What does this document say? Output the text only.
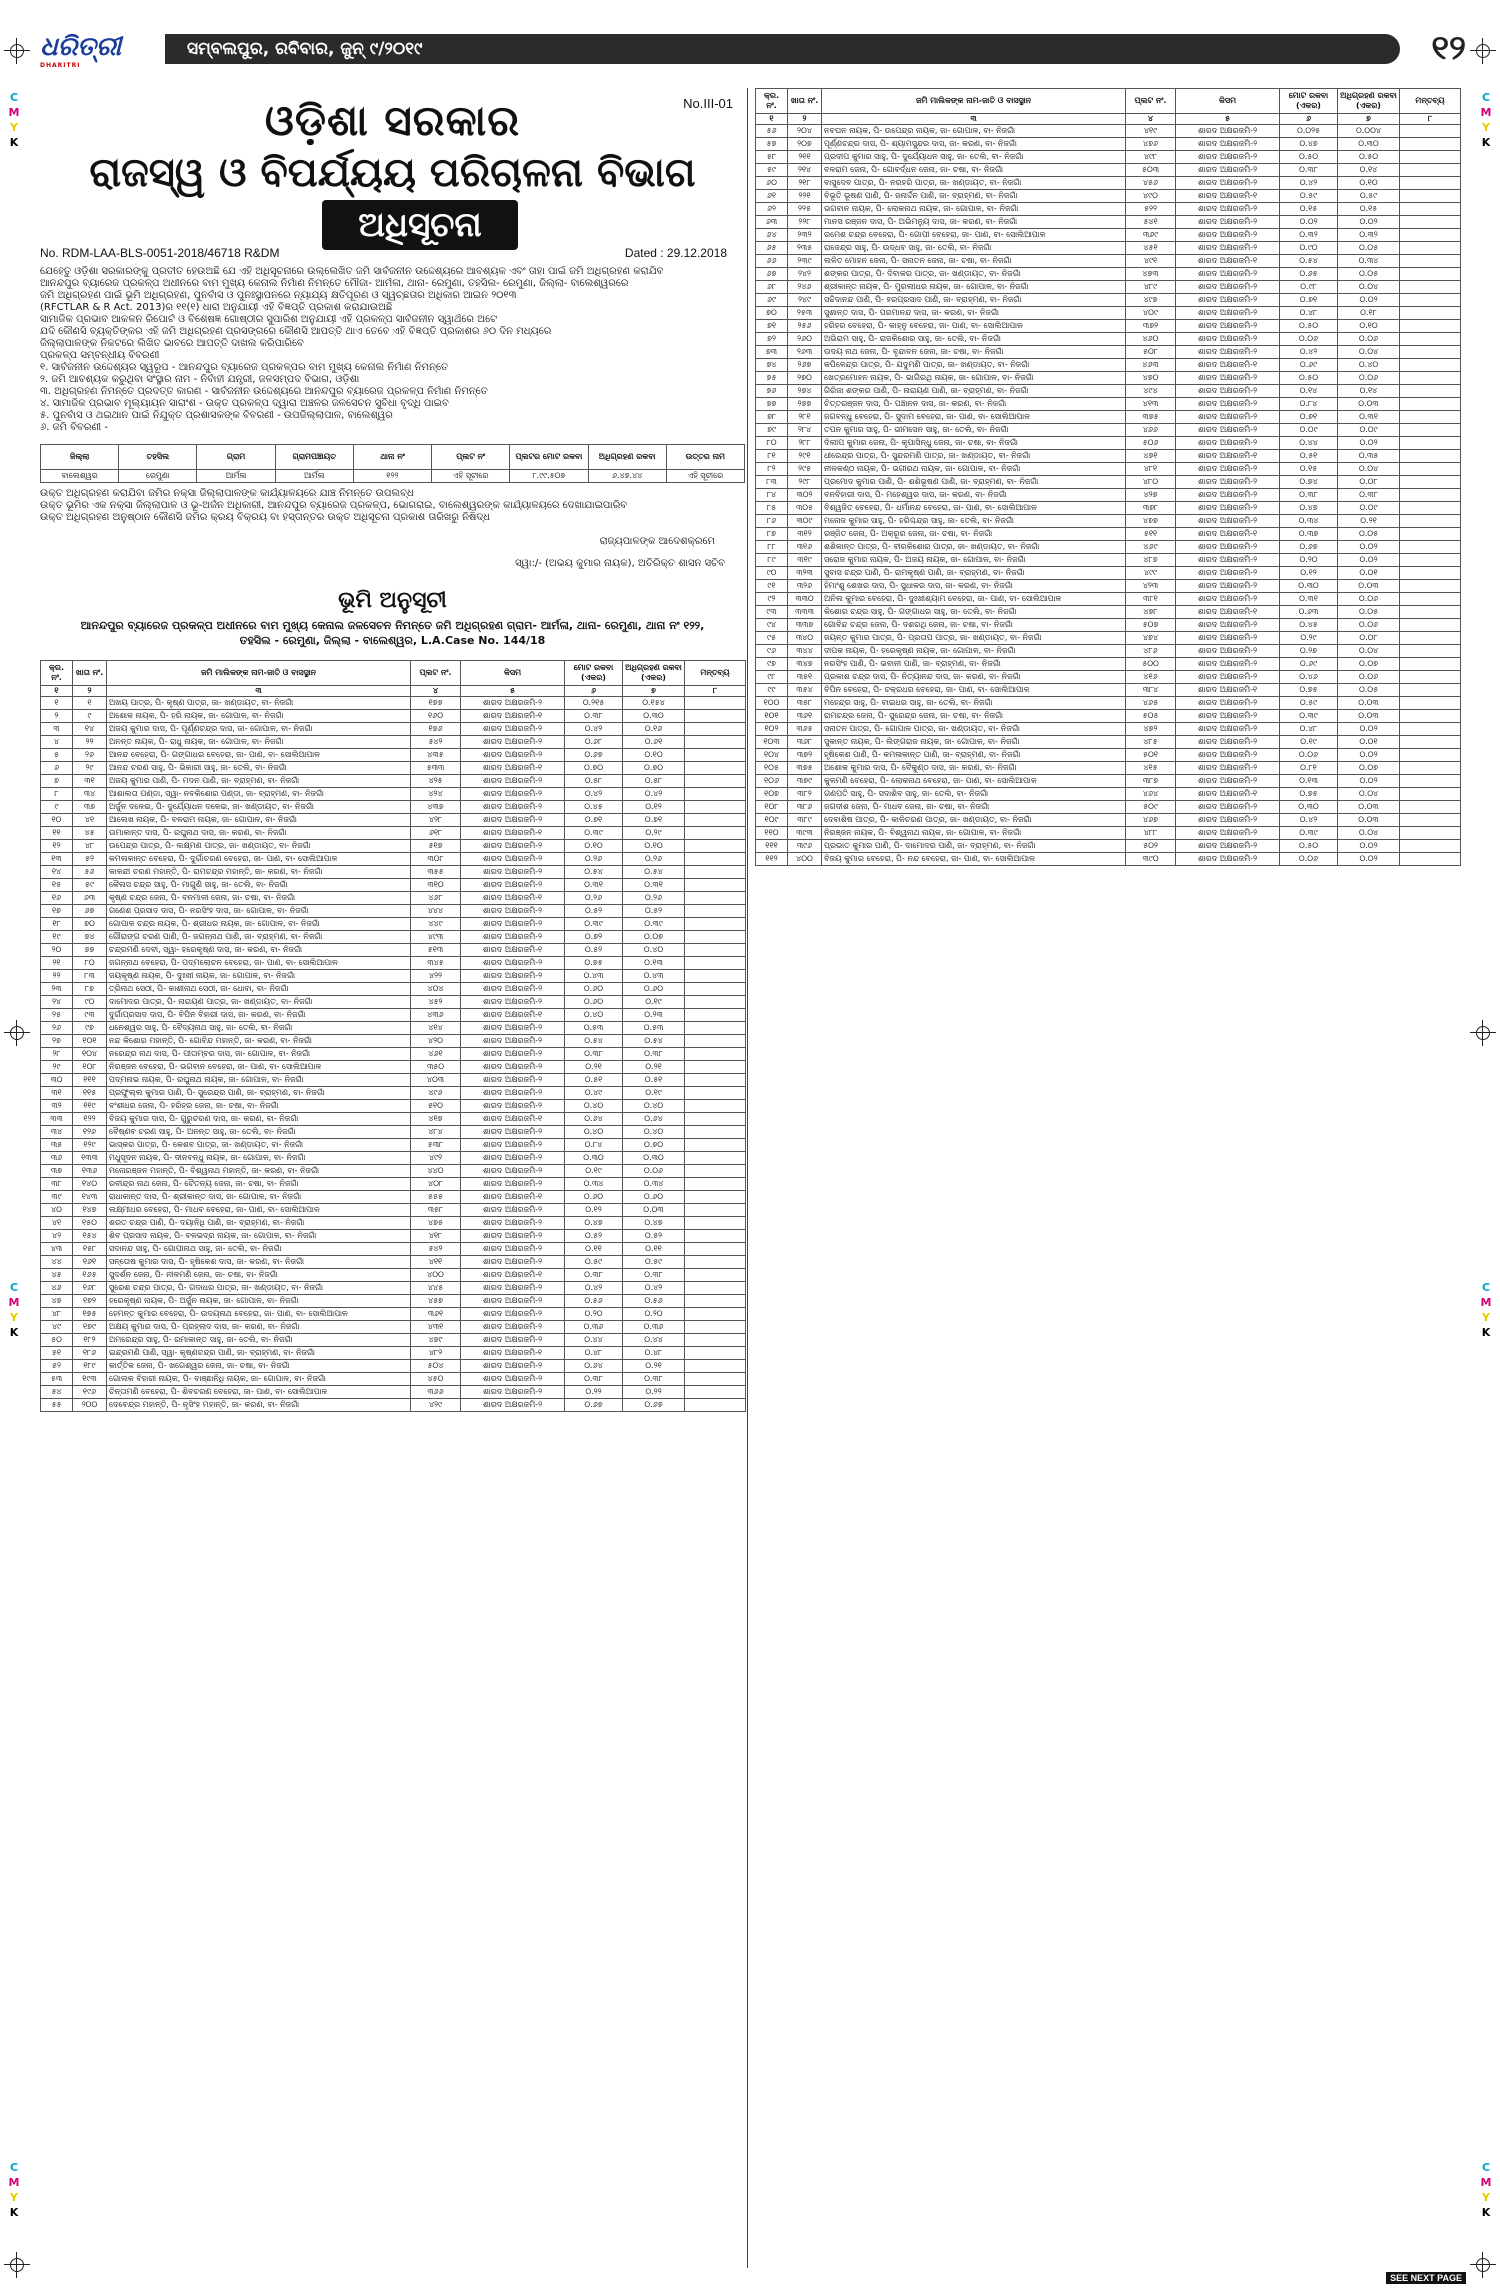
C
M
Y
K
C
M
Y
K
C
M
Y
K
C
M
Y
K
C
M
Y
K
C
M
Y
K
ଧରିତ୍ରୀ
DHARITRI
ସମ୍ବଲପୁର, ରବିବାର, ଜୁନ୍ ୯/୨୦୧୯	୧୨
ଓଡ଼ିଶା ସରକାର	No.III-01
ରାଜସ୍ୱ ଓ ବିପର୍ଯ୍ୟୟ ପରିଚାଳନା ବିଭାଗ
ଅଧିସୂଚନା
No. RDM-LAA-BLS-0051-2018/46718 R&DM	Dated : 29.12.2018
ଯେହେତୁ ଓଡ଼ିଶା ସରକାରଙ୍କୁ ପ୍ରତୀତ ହେଉଅଛି ଯେ ଏହି ଅଧିସୂଚନାରେ ଉଲ୍ଲେଖିତ ଜମି ସାର୍ବଜନୀନ ଉଦ୍ଦେଶ୍ୟରେ ଆବଶ୍ୟକ ଏବଂ ତାହା ପାଇଁ ଜମି ଅଧିଗ୍ରହଣ କରାଯିବ
ଆନନ୍ଦପୁର ବ୍ୟାରେଜ ପ୍ରକଳ୍ପ ଅଧୀନରେ ବାମ ମୁଖ୍ୟ କେନାଲ ନିର୍ମାଣ ନିମନ୍ତେ ମୌଜା- ଆର୍ମଳା, ଥାନା- ରେମୁଣା, ତହସିଲ- ରେମୁଣା, ଜିଲ୍ଲା- ବାଲେଶ୍ୱରରେ
ଜମି ଅଧିଗ୍ରହଣ ପାଇଁ ଭୂମି ଅଧିଗ୍ରହଣ, ପୁନର୍ବାସ ଓ ପୁନଃସ୍ଥାପନରେ ନ୍ୟାଯ୍ୟ କ୍ଷତିପୂରଣ ଓ ସ୍ୱଚ୍ଛତାର ଅଧିକାର ଆଇନ ୨୦୧୩
(RFCTLAR & R Act. 2013)ର ୧୧(୧) ଧାରା ଅନୁଯାୟୀ ଏହି ବିଜ୍ଞପ୍ତି ପ୍ରକାଶ କରାଯାଉଅଛି
ସାମାଜିକ ପ୍ରଭାବ ଆକଳନ ରିପୋର୍ଟ ଓ ବିଶେଷଜ୍ଞ ଗୋଷ୍ଠୀର ସୁପାରିଶ ଅନୁଯାୟୀ ଏହି ପ୍ରକଳ୍ପ ସାର୍ବଜନୀନ ସ୍ୱାର୍ଥରେ ଅଟେ
ଯଦି କୌଣସି ବ୍ୟକ୍ତିଙ୍କର ଏହି ଜମି ଅଧିଗ୍ରହଣ ପ୍ରସଙ୍ଗରେ କୌଣସି ଆପତ୍ତି ଥାଏ ତେବେ ଏହି ବିଜ୍ଞପ୍ତି ପ୍ରକାଶର ୬୦ ଦିନ ମଧ୍ୟରେ
ଜିଲ୍ଲାପାଳଙ୍କ ନିକଟରେ ଲିଖିତ ଭାବରେ ଆପତ୍ତି ଦାଖଲ କରିପାରିବେ
ପ୍ରକଳ୍ପ ସମ୍ବନ୍ଧୀୟ ବିବରଣୀ
୧. ସାର୍ବଜନୀନ ଉଦ୍ଦେଶ୍ୟର ସ୍ୱରୂପ - ଆନନ୍ଦପୁର ବ୍ୟାରେଜ ପ୍ରକଳ୍ପର ବାମ ମୁଖ୍ୟ କେନାଲ ନିର୍ମାଣ ନିମନ୍ତେ
୨. ଜମି ଆବଶ୍ୟକ କରୁଥିବା ସଂସ୍ଥାର ନାମ - ନିର୍ବାହୀ ଯନ୍ତ୍ରୀ, ଜଳସମ୍ପଦ ବିଭାଗ, ଓଡ଼ିଶା
୩. ଅଧିଗ୍ରହଣ ନିମନ୍ତେ ପ୍ରଦତ୍ତ କାରଣ - ସାର୍ବଜନୀନ ଉଦ୍ଦେଶ୍ୟରେ ଆନନ୍ଦପୁର ବ୍ୟାରେଜ ପ୍ରକଳ୍ପ ନିର୍ମାଣ ନିମନ୍ତେ
୪. ସାମାଜିକ ପ୍ରଭାବ ମୂଲ୍ୟାୟନ ସାରାଂଶ - ଉକ୍ତ ପ୍ରକଳ୍ପ ଦ୍ୱାରା ଅଞ୍ଚଳର ଜଳସେଚନ ସୁବିଧା ବୃଦ୍ଧି ପାଇବ
୫. ପୁନର୍ବାସ ଓ ଥଇଥାନ ପାଇଁ ନିଯୁକ୍ତ ପ୍ରଶାସକଙ୍କ ବିବରଣୀ - ଉପଜିଲ୍ଲାପାଳ, ବାଲେଶ୍ୱର
୬. ଜମି ବିବରଣୀ -
ଜିଲ୍ଲା	ତହସିଲ	ଗ୍ରାମ	ଗ୍ରାମପଞ୍ଚାୟତ	ଥାନା ନଂ	ପ୍ଲଟ ନଂ	ପ୍ଲଟର ମୋଟ ରକବା	ଅଧିଗ୍ରହଣ ରକବା	ଉତ୍ତର ନାମ
ବାଲେଶ୍ୱର	ରେମୁଣା	ଆର୍ମଳା	ଆର୍ମଳା	୧୨୨	ଏହି ସୂଚୀରେ	୮.୯୯.୫୦୭	୬.୪୭.୪୪	ଏହି ସୂଚୀରେ
ଉକ୍ତ ଅଧିଗ୍ରହଣ କରାଯିବା ଜମିର ନକ୍ସା ଜିଲ୍ଲାପାଳଙ୍କ କାର୍ଯ୍ୟାଳୟରେ ଯାଞ୍ଚ ନିମନ୍ତେ ଉପଲବ୍ଧ
ଉକ୍ତ ଭୂମିର ଏକ ନକ୍ସା ଜିଲ୍ଲାପାଳ ଓ ଭୂ-ଅର୍ଜନ ଅଧିକାରୀ, ଆନନ୍ଦପୁର ବ୍ୟାରେଜ ପ୍ରକଳ୍ପ, ଭୋଗରାଇ, ବାଲେଶ୍ୱରଙ୍କ କାର୍ଯ୍ୟାଳୟରେ ଦେଖାଯାଇପାରିବ
ଉକ୍ତ ଅଧିଗ୍ରହଣ ଅନୁଷ୍ଠାନ କୌଣସି ଜମିର କ୍ରୟ ବିକ୍ରୟ ବା ହସ୍ତାନ୍ତର ଉକ୍ତ ଅଧିସୂଚନା ପ୍ରକାଶ ତାରିଖରୁ ନିଷିଦ୍ଧ
ରାଜ୍ୟପାଳଙ୍କ ଆଦେଶକ୍ରମେ
ସ୍ୱା:/- (ଅଭୟ କୁମାର ନାୟକ), ଅତିରିକ୍ତ ଶାସନ ସଚିବ
ଭୂମି ଅନୁସୂଚୀ
ଆନନ୍ଦପୁର ବ୍ୟାରେଜ ପ୍ରକଳ୍ପ ଅଧୀନରେ ବାମ ମୁଖ୍ୟ କେନାଲ ଜଳସେଚନ ନିମନ୍ତେ ଜମି ଅଧିଗ୍ରହଣ ଗ୍ରାମ- ଆର୍ମଳା, ଥାନା- ରେମୁଣା, ଥାନା ନଂ ୧୨୨,
ତହସିଲ - ରେମୁଣା, ଜିଲ୍ଲା - ବାଲେଶ୍ୱର, L.A.Case No. 144/18
କ୍ର. ନଂ.	ଖାତା ନଂ.	ଜମି ମାଲିକଙ୍କ ନାମ-ଜାତି ଓ ବାସସ୍ଥାନ	ପ୍ଲଟ ନଂ.	କିସମ	ମୋଟ ରକବା (ଏକର)	ଅଧିଗ୍ରହଣ ରକବା (ଏକର)	ମନ୍ତବ୍ୟ
୧	୨	୩	୪	୫	୬	୭	୮
୧	୧	ଅଖୟ ପାତ୍ର, ପି- କୃଷ୍ଣ ପାତ୍ର, ଜା- ଖଣ୍ଡାୟତ, ବା- ନିଜଗାଁ	୧୭୭	ଶାରଦ ଅକ୍ଷରଜମି-୨	୦.୨୧୫	୦.୧୫୪	
୨	୯	ଅଶୋକ ନାୟକ, ପି- ହରି ନାୟକ, ଜା- ଗୋପାଳ, ବା- ନିଜଗାଁ	୧୬୦	ଶାରଦ ଅକ୍ଷରଜମି-୧	୦.୩୮	୦.୩୦	
୩	୧୪	ଅଜୟ କୁମାର ଦାସ, ପି- ପୂର୍ଣ୍ଣଚନ୍ଦ୍ର ଦାସ, ଜା- ଗୋପାଳ, ବା- ନିଜଗାଁ	୧୭୬	ଶାରଦ ଅକ୍ଷରଜମି-୨	୦.୪୨	୦.୧୬	
୪	୨୨	ଅନନ୍ତ ନାୟକ, ପି- ରାଧୁ ନାୟକ, ଜା- ଗୋପାଳ, ବା- ନିଜଗାଁ	୫୪୨	ଶାରଦ ଅକ୍ଷରଜମି-୨	୦.୬୮	୦.୬୧	
୫	୨୬	ଆନନ୍ଦ ବେହେରା, ପି- ଗଙ୍ଗାଧର ବେହେରା, ଜା- ପାଣ, ବା- ସୋଲିଆପାଳ	୪୩୫	ଶାରଦ ଅକ୍ଷରଜମି-୨	୦.୬୭	୦.୧୦	
୬	୨୯	ଆନନ୍ଦ ଚରଣ ସାହୁ, ପି- ଭିକାରୀ ସାହୁ, ଜା- ତେଲି, ବା- ନିଜଗାଁ	୫୩୩	ଶାରଦ ଅକ୍ଷରଜମି-୧	୦.୭୦	୦.୭୦	
୭	୩୧	ଅଜୟ କୁମାର ପାଣି, ପି- ମଦନ ପାଣି, ଜା- ବ୍ରାହ୍ମଣ, ବା- ନିଜଗାଁ	୪୨୫	ଶାରଦ ଅକ୍ଷରଜମି-୨	୦.୫୮	୦.୫୮	
୮	୩୪	ଆଶାଲତା ପଣ୍ଡା, ସ୍ୱା- ନବକିଶୋର ପଣ୍ଡା, ଜା- ବ୍ରାହ୍ମଣ, ବା- ନିଜଗାଁ	୪୨୪	ଶାରଦ ଅକ୍ଷରଜମି-୨	୦.୪୨	୦.୪୨	
୯	୩୭	ଅର୍ଜୁନ ଦଳେଇ, ପି- ଦୁର୍ଯ୍ୟୋଧନ ଦଳେଇ, ଜା- ଖଣ୍ଡାୟତ, ବା- ନିଜଗାଁ	୪୩୭	ଶାରଦ ଅକ୍ଷରଜମି-୨	୦.୪୫	୦.୧୨	
୧୦	୪୧	ଆଲେଖ ନାୟକ, ପି- ବଳରାମ ନାୟକ, ଜା- ଗୋପାଳ, ବା- ନିଜଗାଁ	୪୨୮	ଶାରଦ ଅକ୍ଷରଜମି-୨	୦.୭୧	୦.୭୧	
୧୧	୪୫	ଉମାକାନ୍ତ ଦାସ, ପି- ରଘୁନାଥ ଦାସ, ଜା- କରଣ, ବା- ନିଜଗାଁ	୬୧୮	ଶାରଦ ଅକ୍ଷରଜମି-୧	୦.୩୯	୦.୨୯	
୧୨	୪୮	ଉପେନ୍ଦ୍ର ପାତ୍ର, ପି- ଲକ୍ଷ୍ମଣ ପାତ୍ର, ଜା- ଖଣ୍ଡାୟତ, ବା- ନିଜଗାଁ	୫୧୭	ଶାରଦ ଅକ୍ଷରଜମି-୨	୦.୧୦	୦.୧୦	
୧୩	୫୨	କମଳାକାନ୍ତ ବେହେରା, ପି- ଦୁର୍ଗାଚରଣ ବେହେରା, ଜା- ପାଣ, ବା- ସୋଲିଆପାଳ	୩୦୮	ଶାରଦ ଅକ୍ଷରଜମି-୨	୦.୨୬	୦.୨୬	
୧୪	୫୬	କାଳନ୍ଦୀ ଚରଣ ମହାନ୍ତି, ପି- ରାମଚନ୍ଦ୍ର ମହାନ୍ତି, ଜା- କରଣ, ବା- ନିଜଗାଁ	୩୫୫	ଶାରଦ ଅକ୍ଷରଜମି-୨	୦.୫୪	୦.୫୪	
୧୫	୫୯	କୈଳାସ ଚନ୍ଦ୍ର ସାହୁ, ପି- ମାଗୁଣି ସାହୁ, ଜା- ତେଲି, ବା- ନିଜଗାଁ	୩୧୦	ଶାରଦ ଅକ୍ଷରଜମି-୨	୦.୩୧	୦.୩୧	
୧୬	୬୩	କୃଷ୍ଣ ଚନ୍ଦ୍ର ଜେନା, ପି- ବନମାଳୀ ଜେନା, ଜା- ଚଷା, ବା- ନିଜଗାଁ	୪୬୮	ଶାରଦ ଅକ୍ଷରଜମି-୧	୦.୨୬	୦.୨୬	
୧୭	୬୭	ଗଣେଶ ପ୍ରସାଦ ଦାସ, ପି- ନରସିଂହ ଦାସ, ଜା- ଗୋପାଳ, ବା- ନିଜଗାଁ	୪୪୪	ଶାରଦ ଅକ୍ଷରଜମି-୨	୦.୫୨	୦.୫୨	
୧୮	୭୦	ଗୋପାଳ ଚନ୍ଦ୍ର ନାୟକ, ପି- ଶ୍ରୀଧର ନାୟକ, ଜା- ଗୋପାଳ, ବା- ନିଜଗାଁ	୪୪୯	ଶାରଦ ଅକ୍ଷରଜମି-୨	୦.୩୯	୦.୩୯	
୧୯	୭୪	ଗୌରାଙ୍ଗ ଚରଣ ପାଣି, ପି- ଜଗନ୍ନାଥ ପାଣି, ଜା- ବ୍ରାହ୍ମଣ, ବା- ନିଜଗାଁ	୪୯୩	ଶାରଦ ଅକ୍ଷରଜମି-୨	୦.୭୨	୦.୦୭	
୨୦	୭୭	ଚନ୍ଦ୍ରମଣି ଦେବୀ, ସ୍ୱା- ହରେକୃଷ୍ଣ ଦାସ, ଜା- କରଣ, ବା- ନିଜଗାଁ	୫୧୩	ଶାରଦ ଅକ୍ଷରଜମି-୧	୦.୫୨	୦.୪୦	
୨୧	୮୦	ଜଗନ୍ନାଥ ବେହେରା, ପି- ପଦ୍ମଲୋଚନ ବେହେରା, ଜା- ପାଣ, ବା- ସୋଲିଆପାଳ	୩୪୫	ଶାରଦ ଅକ୍ଷରଜମି-୨	୦.୭୫	୦.୧୩	
୨୨	୮୩	ଜୟକୃଷ୍ଣ ନାୟକ, ପି- ଦୁଃଖୀ ନାୟକ, ଜା- ଗୋପାଳ, ବା- ନିଜଗାଁ	୪୨୨	ଶାରଦ ଅକ୍ଷରଜମି-୨	୦.୪୩	୦.୪୩	
୨୩	୮୭	ତ୍ରିନାଥ ସେଠୀ, ପି- କାଶୀନାଥ ସେଠୀ, ଜା- ଧୋବା, ବା- ନିଜଗାଁ	୪୦୪	ଶାରଦ ଅକ୍ଷରଜମି-୨	୦.୬୦	୦.୬୦	
୨୪	୯୦	ଦାମୋଦର ପାତ୍ର, ପି- ନାରାୟଣ ପାତ୍ର, ଜା- ଖଣ୍ଡାୟତ, ବା- ନିଜଗାଁ	୪୫୨	ଶାରଦ ଅକ୍ଷରଜମି-୨	୦.୬୦	୦.୧୯	
୨୫	୯୩	ଦୁର୍ଗାପ୍ରସାଦ ଦାସ, ପି- ବିପିନ ବିହାରୀ ଦାସ, ଜା- କରଣ, ବା- ନିଜଗାଁ	୪୩୬	ଶାରଦ ଅକ୍ଷରଜମି-୧	୦.୪୦	୦.୨୩	
୨୬	୯୭	ଧନେଶ୍ୱର ସାହୁ, ପି- ବୈଦ୍ୟନାଥ ସାହୁ, ଜା- ତେଲି, ବା- ନିଜଗାଁ	୪୧୪	ଶାରଦ ଅକ୍ଷରଜମି-୨	୦.୫୩	୦.୫୩	
୨୭	୧୦୧	ନନ୍ଦ କିଶୋର ମହାନ୍ତି, ପି- ଗୋବିନ୍ଦ ମହାନ୍ତି, ଜା- କରଣ, ବା- ନିଜଗାଁ	୪୨୦	ଶାରଦ ଅକ୍ଷରଜମି-୨	୦.୫୪	୦.୫୪	
୨୮	୧୦୪	ନରେନ୍ଦ୍ର ନାଥ ଦାସ, ପି- ପୀତାମ୍ବର ଦାସ, ଜା- ଗୋପାଳ, ବା- ନିଜଗାଁ	୪୬୧	ଶାରଦ ଅକ୍ଷରଜମି-୨	୦.୩୮	୦.୩୮	
୨୯	୧୦୮	ନିରଞ୍ଜନ ବେହେରା, ପି- ଭଗବାନ ବେହେରା, ଜା- ପାଣ, ବା- ସୋଲିଆପାଳ	୩୫୦	ଶାରଦ ଅକ୍ଷରଜମି-୨	୦.୨୧	୦.୨୧	
୩୦	୧୧୧	ପଦ୍ମନାଭ ନାୟକ, ପି- ରଘୁନାଥ ନାୟକ, ଜା- ଗୋପାଳ, ବା- ନିଜଗାଁ	୪୦୩	ଶାରଦ ଅକ୍ଷରଜମି-୨	୦.୫୧	୦.୫୧	
୩୧	୧୧୫	ପ୍ରଫୁଲ୍ଲ କୁମାର ପାଣି, ପି- ସୁରେନ୍ଦ୍ର ପାଣି, ଜା- ବ୍ରାହ୍ମଣ, ବା- ନିଜଗାଁ	୪୯୬	ଶାରଦ ଅକ୍ଷରଜମି-୨	୦.୪୯	୦.୧୯	
୩୨	୧୧୯	ବଂଶୀଧର ଜେନା, ପି- ହରିହର ଜେନା, ଜା- ଚଷା, ବା- ନିଜଗାଁ	୫୧୦	ଶାରଦ ଅକ୍ଷରଜମି-୨	୦.୪୦	୦.୪୦	
୩୩	୧୨୨	ବିଜୟ କୁମାର ଦାସ, ପି- ଗୁରୁଚରଣ ଦାସ, ଜା- କରଣ, ବା- ନିଜଗାଁ	୪୧୭	ଶାରଦ ଅକ୍ଷରଜମି-୧	୦.୬୪	୦.୬୪	
୩୪	୧୨୬	ବୈଷ୍ଣବ ଚରଣ ସାହୁ, ପି- ଅନନ୍ତ ସାହୁ, ଜା- ତେଲି, ବା- ନିଜଗାଁ	୪୮୪	ଶାରଦ ଅକ୍ଷରଜମି-୨	୦.୪୦	୦.୪୦	
୩୫	୧୨୯	ଭାସ୍କର ପାତ୍ର, ପି- କେଶବ ପାତ୍ର, ଜା- ଖଣ୍ଡାୟତ, ବା- ନିଜଗାଁ	୫୩୮	ଶାରଦ ଅକ୍ଷରଜମି-୨	୦.୮୪	୦.୭୦	
୩୬	୧୩୩	ମଧୁସୂଦନ ନାୟକ, ପି- ଦୀନବନ୍ଧୁ ନାୟକ, ଜା- ଗୋପାଳ, ବା- ନିଜଗାଁ	୪୯୨	ଶାରଦ ଅକ୍ଷରଜମି-୨	୦.୩୦	୦.୩୦	
୩୭	୧୩୬	ମନୋରଞ୍ଜନ ମହାନ୍ତି, ପି- ବିଶ୍ୱନାଥ ମହାନ୍ତି, ଜା- କରଣ, ବା- ନିଜଗାଁ	୪୪୦	ଶାରଦ ଅକ୍ଷରଜମି-୨	୦.୧୯	୦.୦୬	
୩୮	୧୪୦	ରବୀନ୍ଦ୍ର ନାଥ ଜେନା, ପି- ଚୈତନ୍ୟ ଜେନା, ଜା- ଚଷା, ବା- ନିଜଗାଁ	୪୦୮	ଶାରଦ ଅକ୍ଷରଜମି-୨	୦.୩୪	୦.୩୪	
୩୯	୧୪୩	ରାଧାକାନ୍ତ ଦାସ, ପି- ଶ୍ରୀକାନ୍ତ ଦାସ, ଜା- ଗୋପାଳ, ବା- ନିଜଗାଁ	୫୫୫	ଶାରଦ ଅକ୍ଷରଜମି-୧	୦.୬୦	୦.୬୦	
୪୦	୧୪୭	ଲକ୍ଷ୍ମୀଧର ବେହେରା, ପି- ମାଧବ ବେହେରା, ଜା- ପାଣ, ବା- ସୋଲିଆପାଳ	୩୫୮	ଶାରଦ ଅକ୍ଷରଜମି-୨	୦.୧୨	୦.୦୩	
୪୧	୧୫୦	ଶରତ ଚନ୍ଦ୍ର ପାଣି, ପି- ଦୟାନିଧି ପାଣି, ଜା- ବ୍ରାହ୍ମଣ, ବା- ନିଜଗାଁ	୪୭୫	ଶାରଦ ଅକ୍ଷରଜମି-୨	୦.୪୭	୦.୪୭	
୪୨	୧୫୪	ଶିବ ପ୍ରସାଦ ନାୟକ, ପି- ବଳଭଦ୍ର ନାୟକ, ଜା- ଗୋପାଳ, ବା- ନିଜଗାଁ	୪୧୮	ଶାରଦ ଅକ୍ଷରଜମି-୨	୦.୫୨	୦.୫୨	
୪୩	୧୫୮	ସଦାନନ୍ଦ ସାହୁ, ପି- ଗୋପୀନାଥ ସାହୁ, ଜା- ତେଲି, ବା- ନିଜଗାଁ	୫୪୨	ଶାରଦ ଅକ୍ଷରଜମି-୨	୦.୧୧	୦.୧୧	
୪୪	୧୬୧	ସନ୍ତୋଷ କୁମାର ଦାସ, ପି- ହୃଷିକେଶ ଦାସ, ଜା- କରଣ, ବା- ନିଜଗାଁ	୪୧୧	ଶାରଦ ଅକ୍ଷରଜମି-୨	୦.୫୯	୦.୫୯	
୪୫	୧୬୫	ସୁଦର୍ଶନ ଜେନା, ପି- ନୀଳମଣି ଜେନା, ଜା- ଚଷା, ବା- ନିଜଗାଁ	୪୦୦	ଶାରଦ ଅକ୍ଷରଜମି-୧	୦.୩୮	୦.୩୮	
୪୬	୧୬୮	ସୁରେଶ ଚନ୍ଦ୍ର ପାତ୍ର, ପି- ଗଦାଧର ପାତ୍ର, ଜା- ଖଣ୍ଡାୟତ, ବା- ନିଜଗାଁ	୪୪୫	ଶାରଦ ଅକ୍ଷରଜମି-୨	୦.୪୨	୦.୪୨	
୪୭	୧୭୨	ହରେକୃଷ୍ଣ ନାୟକ, ପି- ଅର୍ଜୁନ ନାୟକ, ଜା- ଗୋପାଳ, ବା- ନିଜଗାଁ	୪୫୭	ଶାରଦ ଅକ୍ଷରଜମି-୨	୦.୫୬	୦.୫୬	
୪୮	୧୭୫	ହେମନ୍ତ କୁମାର ବେହେରା, ପି- ଉଦୟନାଥ ବେହେରା, ଜା- ପାଣ, ବା- ସୋଲିଆପାଳ	୩୬୧	ଶାରଦ ଅକ୍ଷରଜମି-୨	୦.୨୦	୦.୨୦	
୪୯	୧୭୯	ଅକ୍ଷୟ କୁମାର ଦାସ, ପି- ପ୍ରହ୍ଲାଦ ଦାସ, ଜା- କରଣ, ବା- ନିଜଗାଁ	୪୩୧	ଶାରଦ ଅକ୍ଷରଜମି-୨	୦.୩୬	୦.୩୬	
୫୦	୧୮୨	ଅମରେନ୍ଦ୍ର ସାହୁ, ପି- ରମାକାନ୍ତ ସାହୁ, ଜା- ତେଲି, ବା- ନିଜଗାଁ	୪୭୯	ଶାରଦ ଅକ୍ଷରଜମି-୨	୦.୪୪	୦.୪୪	
୫୧	୧୮୬	ଇନ୍ଦ୍ରମଣି ପାଣି, ସ୍ୱା- କୃଷ୍ଣଚନ୍ଦ୍ର ପାଣି, ଜା- ବ୍ରାହ୍ମଣ, ବା- ନିଜଗାଁ	୪୮୨	ଶାରଦ ଅକ୍ଷରଜମି-୧	୦.୪୮	୦.୪୮	
୫୨	୧୮୯	କାର୍ତ୍ତିକ ଜେନା, ପି- ଖଗେଶ୍ୱର ଜେନା, ଜା- ଚଷା, ବା- ନିଜଗାଁ	୫୦୪	ଶାରଦ ଅକ୍ଷରଜମି-୨	୦.୬୪	୦.୨୧	
୫୩	୧୯୩	ଗୋଲକ ବିହାରୀ ନାୟକ, ପି- ବାଞ୍ଛାନିଧି ନାୟକ, ଜା- ଗୋପାଳ, ବା- ନିଜଗାଁ	୪୫୦	ଶାରଦ ଅକ୍ଷରଜମି-୨	୦.୩୮	୦.୩୮	
୫୪	୧୯୬	ଚିନ୍ତାମଣି ବେହେରା, ପି- ଶିବଚରଣ ବେହେରା, ଜା- ପାଣ, ବା- ସୋଲିଆପାଳ	୩୬୬	ଶାରଦ ଅକ୍ଷରଜମି-୨	୦.୨୨	୦.୨୨	
୫୫	୨୦୦	ଦେବେନ୍ଦ୍ର ମହାନ୍ତି, ପି- ନୃସିଂହ ମହାନ୍ତି, ଜା- କରଣ, ବା- ନିଜଗାଁ	୪୨୯	ଶାରଦ ଅକ୍ଷରଜମି-୨	୦.୬୭	୦.୬୭	
କ୍ର. ନଂ.	ଖାତା ନଂ.	ଜମି ମାଲିକଙ୍କ ନାମ-ଜାତି ଓ ବାସସ୍ଥାନ	ପ୍ଲଟ ନଂ.	କିସମ	ମୋଟ ରକବା (ଏକର)	ଅଧିଗ୍ରହଣ ରକବା (ଏକର)	ମନ୍ତବ୍ୟ
୧	୨	୩	୪	୫	୬	୭	୮
୫୬	୨୦୪	ନବଘନ ନାୟକ, ପି- ଉପେନ୍ଦ୍ର ନାୟକ, ଜା- ଗୋପାଳ, ବା- ନିଜଗାଁ	୪୧୯	ଶାରଦ ଅକ୍ଷରଜମି-୨	୦.୦୨୫	୦.୦୦୪	
୫୭	୨୦୭	ପୂର୍ଣ୍ଣଚନ୍ଦ୍ର ଦାସ, ପି- ଶ୍ୟାମସୁନ୍ଦର ଦାସ, ଜା- କରଣ, ବା- ନିଜଗାଁ	୪୭୬	ଶାରଦ ଅକ୍ଷରଜମି-୨	୦.୪୭	୦.୩୦	
୫୮	୨୧୧	ପ୍ରଦୀପ କୁମାର ସାହୁ, ପି- ଦୁର୍ଯ୍ୟୋଧନ ସାହୁ, ଜା- ତେଲି, ବା- ନିଜଗାଁ	୪୯୮	ଶାରଦ ଅକ୍ଷରଜମି-୨	୦.୫୦	୦.୫୦	
୫୯	୨୧୪	ବଳରାମ ଜେନା, ପି- ଗୋବର୍ଦ୍ଧନ ଜେନା, ଜା- ଚଷା, ବା- ନିଜଗାଁ	୫୦୩	ଶାରଦ ଅକ୍ଷରଜମି-୨	୦.୩୮	୦.୧୪	
୬୦	୨୧୮	ବାସୁଦେବ ପାତ୍ର, ପି- ନରହରି ପାତ୍ର, ଜା- ଖଣ୍ଡାୟତ, ବା- ନିଜଗାଁ	୪୫୬	ଶାରଦ ଅକ୍ଷରଜମି-୨	୦.୪୨	୦.୧୦	
୬୧	୨୨୧	ବିଭୂତି ଭୂଷଣ ପାଣି, ପି- ଜନାର୍ଦ୍ଦନ ପାଣି, ଜା- ବ୍ରାହ୍ମଣ, ବା- ନିଜଗାଁ	୪୯୦	ଶାରଦ ଅକ୍ଷରଜମି-୧	୦.୫୯	୦.୫୯	
୬୨	୨୨୫	ଭଗବାନ ନାୟକ, ପି- ଲୋକନାଥ ନାୟକ, ଜା- ଗୋପାଳ, ବା- ନିଜଗାଁ	୫୨୨	ଶାରଦ ଅକ୍ଷରଜମି-୨	୦.୧୫	୦.୧୫	
୬୩	୨୨୮	ମାନସ ରଞ୍ଜନ ଦାସ, ପି- ଅଭିମନ୍ୟୁ ଦାସ, ଜା- କରଣ, ବା- ନିଜଗାଁ	୫୪୧	ଶାରଦ ଅକ୍ଷରଜମି-୨	୦.୦୨	୦.୦୨	
୬୪	୨୩୨	ରମେଶ ଚନ୍ଦ୍ର ବେହେରା, ପି- ଗୋପୀ ବେହେରା, ଜା- ପାଣ, ବା- ସୋଲିଆପାଳ	୩୬୯	ଶାରଦ ଅକ୍ଷରଜମି-୨	୦.୩୨	୦.୩୨	
୬୫	୨୩୫	ରାଜେନ୍ଦ୍ର ସାହୁ, ପି- ଉଦ୍ଧବ ସାହୁ, ଜା- ତେଲି, ବା- ନିଜଗାଁ	୪୫୧	ଶାରଦ ଅକ୍ଷରଜମି-୨	୦.୯୦	୦.୦୫	
୬୬	୨୩୯	ଲଳିତ ମୋହନ ଜେନା, ପି- ସନାତନ ଜେନା, ଜା- ଚଷା, ବା- ନିଜଗାଁ	୪୯୧	ଶାରଦ ଅକ୍ଷରଜମି-୧	୦.୫୪	୦.୩୪	
୬୭	୨୪୨	ଶଙ୍କର ପାତ୍ର, ପି- ଦିବାକର ପାତ୍ର, ଜା- ଖଣ୍ଡାୟତ, ବା- ନିଜଗାଁ	୪୭୩	ଶାରଦ ଅକ୍ଷରଜମି-୨	୦.୬୫	୦.୦୫	
୬୮	୨୪୬	ଶ୍ରୀକାନ୍ତ ନାୟକ, ପି- ମୁରଲୀଧର ନାୟକ, ଜା- ଗୋପାଳ, ବା- ନିଜଗାଁ	୪୮୯	ଶାରଦ ଅକ୍ଷରଜମି-୨	୦.୯୮	୦.୦୪	
୬୯	୨୪୯	ସଚ୍ଚିଦାନନ୍ଦ ପାଣି, ପି- ହରପ୍ରସାଦ ପାଣି, ଜା- ବ୍ରାହ୍ମଣ, ବା- ନିଜଗାଁ	୪୯୭	ଶାରଦ ଅକ୍ଷରଜମି-୨	୦.୭୧	୦.୦୨	
୭୦	୨୫୩	ସୁଶାନ୍ତ ଦାସ, ପି- ପରମାନନ୍ଦ ଦାସ, ଜା- କରଣ, ବା- ନିଜଗାଁ	୪୦୯	ଶାରଦ ଅକ୍ଷରଜମି-୨	୦.୪୮	୦.୧୮	
୭୧	୨୫୬	ହରିହର ବେହେରା, ପି- କାହ୍ନୁ ବେହେରା, ଜା- ପାଣ, ବା- ସୋଲିଆପାଳ	୩୭୨	ଶାରଦ ଅକ୍ଷରଜମି-୨	୦.୫୦	୦.୧୦	
୭୨	୨୬୦	ଅଭିରାମ ସାହୁ, ପି- ରାଜକିଶୋର ସାହୁ, ଜା- ତେଲି, ବା- ନିଜଗାଁ	୪୬୦	ଶାରଦ ଅକ୍ଷରଜମି-୨	୦.୦୬	୦.୦୬	
୭୩	୨୬୩	ଉଦୟ ନାଥ ଜେନା, ପି- ବୃନ୍ଦାବନ ଜେନା, ଜା- ଚଷା, ବା- ନିଜଗାଁ	୫୦୮	ଶାରଦ ଅକ୍ଷରଜମି-୨	୦.୪୨	୦.୦୪	
୭୪	୨୬୭	କପିଳେନ୍ଦ୍ର ପାତ୍ର, ପି- ଯଦୁମଣି ପାତ୍ର, ଜା- ଖଣ୍ଡାୟତ, ବା- ନିଜଗାଁ	୪୬୩	ଶାରଦ ଅକ୍ଷରଜମି-୧	୦.୬୯	୦.୪୦	
୭୫	୨୭୦	ଖେତ୍ରମୋହନ ନାୟକ, ପି- ଭାଗିରଥି ନାୟକ, ଜା- ଗୋପାଳ, ବା- ନିଜଗାଁ	୪୭୦	ଶାରଦ ଅକ୍ଷରଜମି-୨	୦.୫୦	୦.୦୬	
୭୬	୨୭୪	ଗିରିଜା ଶଙ୍କର ପାଣି, ପି- ନାରାୟଣ ପାଣି, ଜା- ବ୍ରାହ୍ମଣ, ବା- ନିଜଗାଁ	୪୯୪	ଶାରଦ ଅକ୍ଷରଜମି-୨	୦.୧୪	୦.୧୪	
୭୭	୨୭୭	ଚିତ୍ତରଞ୍ଜନ ଦାସ, ପି- ପଞ୍ଚାନନ ଦାସ, ଜା- କରଣ, ବା- ନିଜଗାଁ	୪୧୩	ଶାରଦ ଅକ୍ଷରଜମି-୨	୦.୮୪	୦.୦୩	
୭୮	୨୮୧	ଜଗବନ୍ଧୁ ବେହେରା, ପି- ସୁଦାମ ବେହେରା, ଜା- ପାଣ, ବା- ସୋଲିଆପାଳ	୩୭୫	ଶାରଦ ଅକ୍ଷରଜମି-୨	୦.୭୧	୦.୩୧	
୭୯	୨୮୪	ତପନ କୁମାର ସାହୁ, ପି- ଭୀମସେନ ସାହୁ, ଜା- ତେଲି, ବା- ନିଜଗାଁ	୪୬୬	ଶାରଦ ଅକ୍ଷରଜମି-୨	୦.୦୯	୦.୦୯	
୮୦	୨୮୮	ଦିଲୀପ କୁମାର ଜେନା, ପି- କୃପାସିନ୍ଧୁ ଜେନା, ଜା- ଚଷା, ବା- ନିଜଗାଁ	୫୦୬	ଶାରଦ ଅକ୍ଷରଜମି-୨	୦.୪୪	୦.୦୨	
୮୧	୨୯୧	ଧୀରେନ୍ଦ୍ର ପାତ୍ର, ପି- ସୁନ୍ଦରମଣି ପାତ୍ର, ଜା- ଖଣ୍ଡାୟତ, ବା- ନିଜଗାଁ	୪୭୧	ଶାରଦ ଅକ୍ଷରଜମି-୧	୦.୫୧	୦.୩୫	
୮୨	୨୯୫	ନୀଳକଣ୍ଠ ନାୟକ, ପି- ଭଗୀରଥ ନାୟକ, ଜା- ଗୋପାଳ, ବା- ନିଜଗାଁ	୪୮୧	ଶାରଦ ଅକ୍ଷରଜମି-୨	୦.୧୫	୦.୦୪	
୮୩	୨୯୮	ପ୍ରମୋଦ କୁମାର ପାଣି, ପି- ଶଶିଭୂଷଣ ପାଣି, ଜା- ବ୍ରାହ୍ମଣ, ବା- ନିଜଗାଁ	୪୮୦	ଶାରଦ ଅକ୍ଷରଜମି-୨	୦.୭୪	୦.୦୮	
୮୪	୩୦୨	ବନବିହାରୀ ଦାସ, ପି- ମହେଶ୍ୱର ଦାସ, ଜା- କରଣ, ବା- ନିଜଗାଁ	୪୨୭	ଶାରଦ ଅକ୍ଷରଜମି-୨	୦.୩୮	୦.୩୮	
୮୫	୩୦୫	ବିଶ୍ୱଜିତ ବେହେରା, ପି- ଧର୍ମାନନ୍ଦ ବେହେରା, ଜା- ପାଣ, ବା- ସୋଲିଆପାଳ	୩୭୮	ଶାରଦ ଅକ୍ଷରଜମି-୨	୦.୪୭	୦.୦୯	
୮୬	୩୦୯	ମନୋଜ କୁମାର ସାହୁ, ପି- ହରିଶ୍ଚନ୍ଦ୍ର ସାହୁ, ଜା- ତେଲି, ବା- ନିଜଗାଁ	୪୭୭	ଶାରଦ ଅକ୍ଷରଜମି-୨	୦.୩୪	୦.୨୧	
୮୭	୩୧୨	ରଞ୍ଜିତ ଜେନା, ପି- ଅକ୍ରୂର ଜେନା, ଜା- ଚଷା, ବା- ନିଜଗାଁ	୫୧୧	ଶାରଦ ଅକ୍ଷରଜମି-୧	୦.୩୭	୦.୦୫	
୮୮	୩୧୬	ଶଶିକାନ୍ତ ପାତ୍ର, ପି- ବୀରକିଶୋର ପାତ୍ର, ଜା- ଖଣ୍ଡାୟତ, ବା- ନିଜଗାଁ	୪୬୯	ଶାରଦ ଅକ୍ଷରଜମି-୨	୦.୬୭	୦.୦୨	
୮୯	୩୧୯	ସରୋଜ କୁମାର ନାୟକ, ପି- ଅଜୟ ନାୟକ, ଜା- ଗୋପାଳ, ବା- ନିଜଗାଁ	୪୮୭	ଶାରଦ ଅକ୍ଷରଜମି-୨	୦.୨୦	୦.୦୨	
୯୦	୩୨୩	ସୁବାସ ଚନ୍ଦ୍ର ପାଣି, ପି- ରାମକୃଷ୍ଣ ପାଣି, ଜା- ବ୍ରାହ୍ମଣ, ବା- ନିଜଗାଁ	୪୯୯	ଶାରଦ ଅକ୍ଷରଜମି-୨	୦.୧୨	୦.୦୧	
୯୧	୩୨୬	ହିମାଂଶୁ ଶେଖର ଦାସ, ପି- ସୁଧାକର ଦାସ, ଜା- କରଣ, ବା- ନିଜଗାଁ	୪୨୩	ଶାରଦ ଅକ୍ଷରଜମି-୨	୦.୩୦	୦.୦୩	
୯୨	୩୩୦	ଅନିଲ କୁମାର ବେହେରା, ପି- ଦୁଃଖୀଶ୍ୟାମ ବେହେରା, ଜା- ପାଣ, ବା- ସୋଲିଆପାଳ	୩୮୧	ଶାରଦ ଅକ୍ଷରଜମି-୨	୦.୩୧	୦.୦୬	
୯୩	୩୩୩	କିଶୋର ଚନ୍ଦ୍ର ସାହୁ, ପି- ଗଙ୍ଗାଧର ସାହୁ, ଜା- ତେଲି, ବା- ନିଜଗାଁ	୪୭୮	ଶାରଦ ଅକ୍ଷରଜମି-୧	୦.୬୩	୦.୦୫	
୯୪	୩୩୭	ଗୋବିନ୍ଦ ଚନ୍ଦ୍ର ଜେନା, ପି- ଦଶରଥି ଜେନା, ଜା- ଚଷା, ବା- ନିଜଗାଁ	୫୦୭	ଶାରଦ ଅକ୍ଷରଜମି-୨	୦.୪୫	୦.୦୬	
୯୫	୩୪୦	ଜୟନ୍ତ କୁମାର ପାତ୍ର, ପି- ପ୍ରତାପ ପାତ୍ର, ଜା- ଖଣ୍ଡାୟତ, ବା- ନିଜଗାଁ	୪୭୪	ଶାରଦ ଅକ୍ଷରଜମି-୨	୦.୨୯	୦.୦୮	
୯୬	୩୪୪	ଦୀପକ ନାୟକ, ପି- ହରେକୃଷ୍ଣ ନାୟକ, ଜା- ଗୋପାଳ, ବା- ନିଜଗାଁ	୪୮୬	ଶାରଦ ଅକ୍ଷରଜମି-୨	୦.୨୭	୦.୦୪	
୯୭	୩୪୭	ନରସିଂହ ପାଣି, ପି- ଭବାନୀ ପାଣି, ଜା- ବ୍ରାହ୍ମଣ, ବା- ନିଜଗାଁ	୫୦୦	ଶାରଦ ଅକ୍ଷରଜମି-୨	୦.୬୯	୦.୦୭	
୯୮	୩୫୧	ପ୍ରକାଶ ଚନ୍ଦ୍ର ଦାସ, ପି- ନିତ୍ୟାନନ୍ଦ ଦାସ, ଜା- କରଣ, ବା- ନିଜଗାଁ	୪୧୬	ଶାରଦ ଅକ୍ଷରଜମି-୨	୦.୪୬	୦.୦୬	
୯୯	୩୫୪	ବିପିନ ବେହେରା, ପି- ଚକ୍ରଧର ବେହେରା, ଜା- ପାଣ, ବା- ସୋଲିଆପାଳ	୩୮୪	ଶାରଦ ଅକ୍ଷରଜମି-୧	୦.୭୫	୦.୦୫	
୧୦୦	୩୫୮	ମହେନ୍ଦ୍ର ସାହୁ, ପି- ବାଇଧର ସାହୁ, ଜା- ତେଲି, ବା- ନିଜଗାଁ	୪୬୫	ଶାରଦ ଅକ୍ଷରଜମି-୨	୦.୫୯	୦.୦୩	
୧୦୧	୩୬୧	ରାମଚନ୍ଦ୍ର ଜେନା, ପି- ସୁରେନ୍ଦ୍ର ଜେନା, ଜା- ଚଷା, ବା- ନିଜଗାଁ	୫୦୫	ଶାରଦ ଅକ୍ଷରଜମି-୨	୦.୩୯	୦.୦୩	
୧୦୨	୩୬୫	ସନାତନ ପାତ୍ର, ପି- ଗୋପାଳ ପାତ୍ର, ଜା- ଖଣ୍ଡାୟତ, ବା- ନିଜଗାଁ	୪୭୨	ଶାରଦ ଅକ୍ଷରଜମି-୨	୦.୪୮	୦.୦୨	
୧୦୩	୩୬୮	ସୁକାନ୍ତ ନାୟକ, ପି- ଲିଙ୍ଗରାଜ ନାୟକ, ଜା- ଗୋପାଳ, ବା- ନିଜଗାଁ	୪୮୫	ଶାରଦ ଅକ୍ଷରଜମି-୨	୦.୧୯	୦.୦୧	
୧୦୪	୩୭୨	ହୃଷିକେଶ ପାଣି, ପି- କମଳାକାନ୍ତ ପାଣି, ଜା- ବ୍ରାହ୍ମଣ, ବା- ନିଜଗାଁ	୫୦୧	ଶାରଦ ଅକ୍ଷରଜମି-୨	୦.୦୬	୦.୦୨	
୧୦୫	୩୭୫	ଅଶୋକ କୁମାର ଦାସ, ପି- ବୈକୁଣ୍ଠ ଦାସ, ଜା- କରଣ, ବା- ନିଜଗାଁ	୪୧୫	ଶାରଦ ଅକ୍ଷରଜମି-୨	୦.୮୧	୦.୦୭	
୧୦୬	୩୭୯	କୁଳମଣି ବେହେରା, ପି- ଲୋକନାଥ ବେହେରା, ଜା- ପାଣ, ବା- ସୋଲିଆପାଳ	୩୮୭	ଶାରଦ ଅକ୍ଷରଜମି-୨	୦.୧୩	୦.୦୨	
୧୦୭	୩୮୨	ଗଣପତି ସାହୁ, ପି- ସଦାଶିବ ସାହୁ, ଜା- ତେଲି, ବା- ନିଜଗାଁ	୪୬୪	ଶାରଦ ଅକ୍ଷରଜମି-୧	୦.୭୫	୦.୦୪	
୧୦୮	୩୮୬	ଜଗଦୀଶ ଜେନା, ପି- ମାଧବ ଜେନା, ଜା- ଚଷା, ବା- ନିଜଗାଁ	୫୦୯	ଶାରଦ ଅକ୍ଷରଜମି-୨	୦.୩୦	୦.୦୩	
୧୦୯	୩୮୯	ଦେବାଶିଷ ପାତ୍ର, ପି- କାଳିଚରଣ ପାତ୍ର, ଜା- ଖଣ୍ଡାୟତ, ବା- ନିଜଗାଁ	୪୬୭	ଶାରଦ ଅକ୍ଷରଜମି-୨	୦.୪୨	୦.୦୩	
୧୧୦	୩୯୩	ନିରଞ୍ଜନ ନାୟକ, ପି- ବିଶ୍ୱନାଥ ନାୟକ, ଜା- ଗୋପାଳ, ବା- ନିଜଗାଁ	୪୮୮	ଶାରଦ ଅକ୍ଷରଜମି-୨	୦.୩୯	୦.୦୪	
୧୧୧	୩୯୬	ପ୍ରଭାତ କୁମାର ପାଣି, ପି- ଦାମୋଦର ପାଣି, ଜା- ବ୍ରାହ୍ମଣ, ବା- ନିଜଗାଁ	୫୦୨	ଶାରଦ ଅକ୍ଷରଜମି-୨	୦.୫୦	୦.୦୨	
୧୧୨	୪୦୦	ବିଜୟ କୁମାର ବେହେରା, ପି- ନନ୍ଦ ବେହେରା, ଜା- ପାଣ, ବା- ସୋଲିଆପାଳ	୩୯୦	ଶାରଦ ଅକ୍ଷରଜମି-୨	୦.୦୬	୦.୦୨	
SEE NEXT PAGE
